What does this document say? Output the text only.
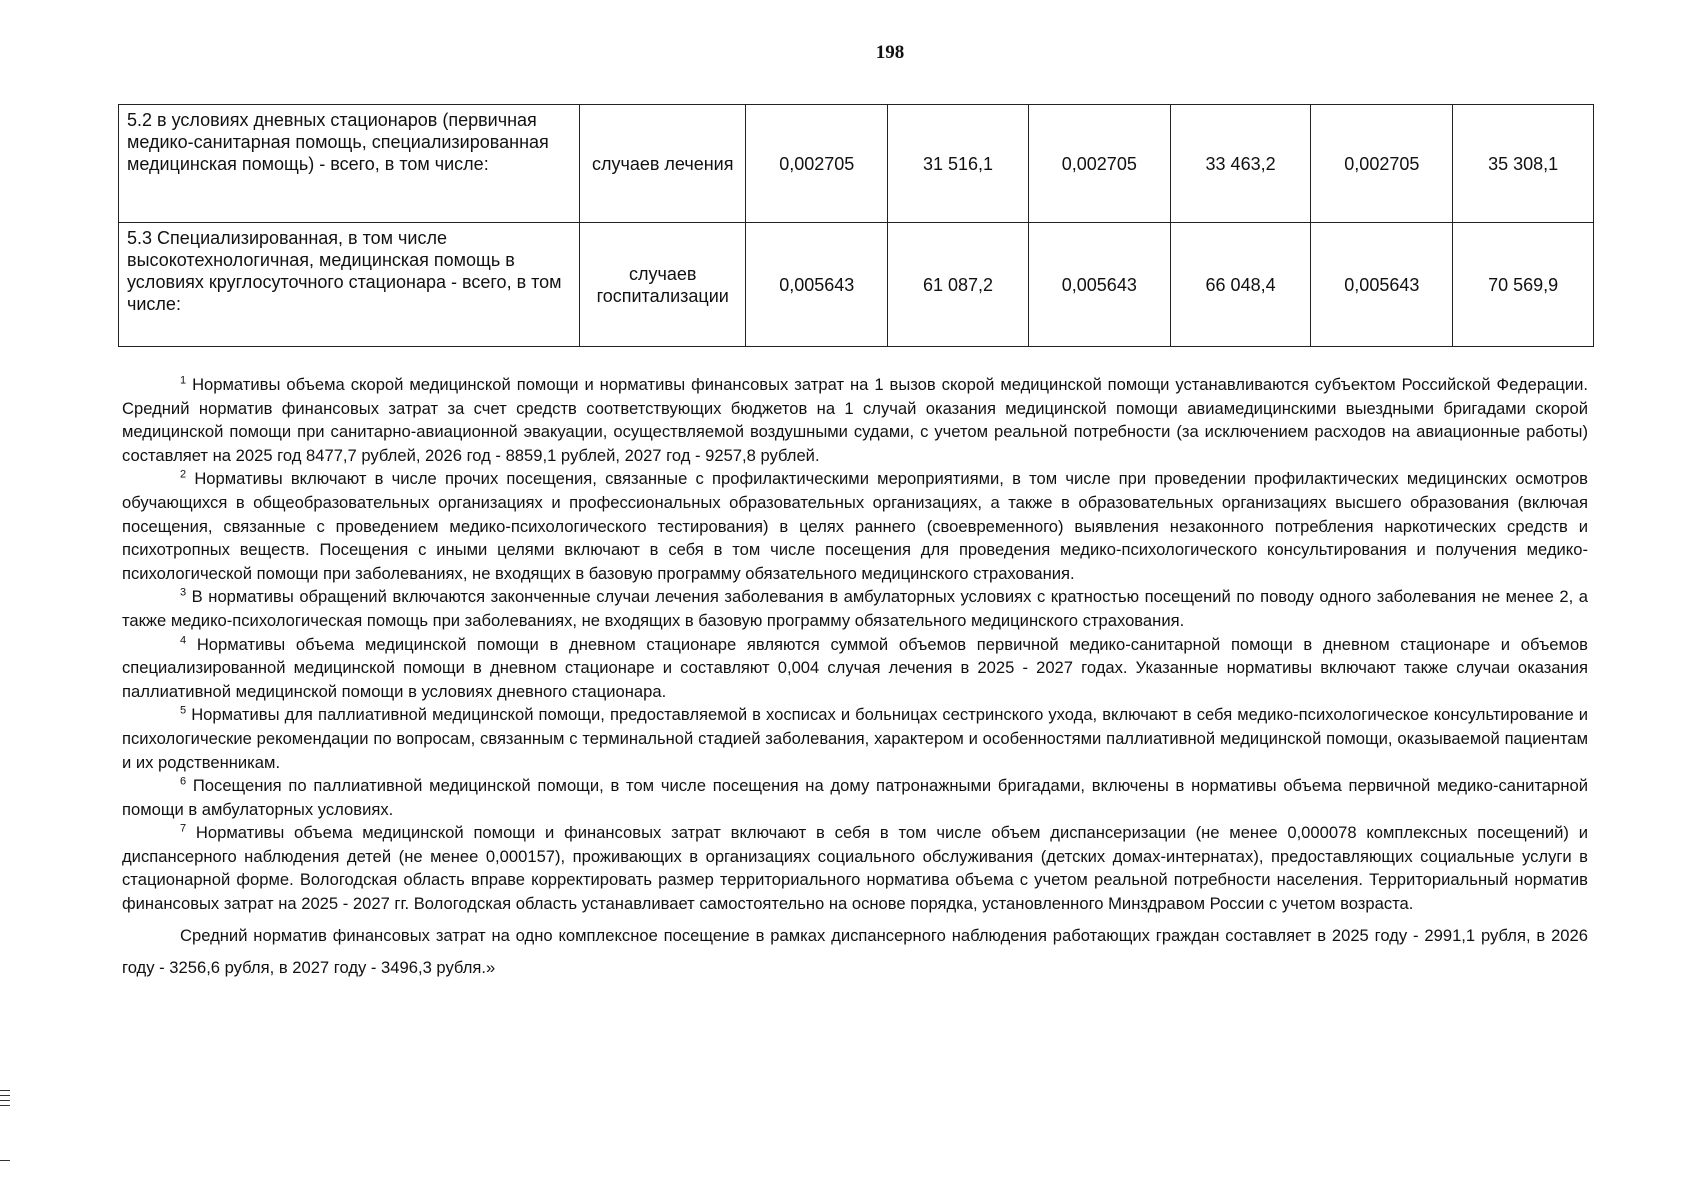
198
5.2 в условиях дневных стационаров (первичная медико-санитарная помощь, специализированная медицинская помощь) - всего, в том числе:	случаев лечения	0,002705	31 516,1	0,002705	33 463,2	0,002705	35 308,1
5.3 Специализированная, в том числе высокотехнологичная, медицинская помощь в условиях круглосуточного стационара - всего, в том числе:	случаев госпитализации	0,005643	61 087,2	0,005643	66 048,4	0,005643	70 569,9

$^1$ Нормативы объема скорой медицинской помощи и нормативы финансовых затрат на 1 вызов скорой медицинской помощи устанавливаются субъектом Российской Федерации. Средний норматив финансовых затрат за счет средств соответствующих бюджетов на 1 случай оказания медицинской помощи авиамедицинскими выездными бригадами скорой медицинской помощи при санитарно-авиационной эвакуации, осуществляемой воздушными судами, с учетом реальной потребности (за исключением расходов на авиационные работы) составляет на 2025 год 8477,7 рублей, 2026 год - 8859,1 рублей, 2027 год - 9257,8 рублей.

$^2$ Нормативы включают в числе прочих посещения, связанные с профилактическими мероприятиями, в том числе при проведении профилактических медицинских осмотров обучающихся в общеобразовательных организациях и профессиональных образовательных организациях, а также в образовательных организациях высшего образования (включая посещения, связанные с проведением медико-психологического тестирования) в целях раннего (своевременного) выявления незаконного потребления наркотических средств и психотропных веществ. Посещения с иными целями включают в себя в том числе посещения для проведения медико-психологического консультирования и получения медико-психологической помощи при заболеваниях, не входящих в базовую программу обязательного медицинского страхования.

$^3$ В нормативы обращений включаются законченные случаи лечения заболевания в амбулаторных условиях с кратностью посещений по поводу одного заболевания не менее 2, а также медико-психологическая помощь при заболеваниях, не входящих в базовую программу обязательного медицинского страхования.

$^4$ Нормативы объема медицинской помощи в дневном стационаре являются суммой объемов первичной медико-санитарной помощи в дневном стационаре и объемов специализированной медицинской помощи в дневном стационаре и составляют 0,004 случая лечения в 2025 - 2027 годах. Указанные нормативы включают также случаи оказания паллиативной медицинской помощи в условиях дневного стационара.

$^5$ Нормативы для паллиативной медицинской помощи, предоставляемой в хосписах и больницах сестринского ухода, включают в себя медико-психологическое консультирование и психологические рекомендации по вопросам, связанным с терминальной стадией заболевания, характером и особенностями паллиативной медицинской помощи, оказываемой пациентам и их родственникам.

$^6$ Посещения по паллиативной медицинской помощи, в том числе посещения на дому патронажными бригадами, включены в нормативы объема первичной медико-санитарной помощи в амбулаторных условиях.

$^7$ Нормативы объема медицинской помощи и финансовых затрат включают в себя в том числе объем диспансеризации (не менее 0,000078 комплексных посещений) и диспансерного наблюдения детей (не менее 0,000157), проживающих в организациях социального обслуживания (детских домах-интернатах), предоставляющих социальные услуги в стационарной форме. Вологодская область вправе корректировать размер территориального норматива объема с учетом реальной потребности населения. Территориальный норматив финансовых затрат на 2025 - 2027 гг. Вологодская область устанавливает самостоятельно на основе порядка, установленного Минздравом России с учетом возраста.

Средний норматив финансовых затрат на одно комплексное посещение в рамках диспансерного наблюдения работающих граждан составляет в 2025 году - 2991,1 рубля, в 2026 году - 3256,6 рубля, в 2027 году - 3496,3 рубля.»
